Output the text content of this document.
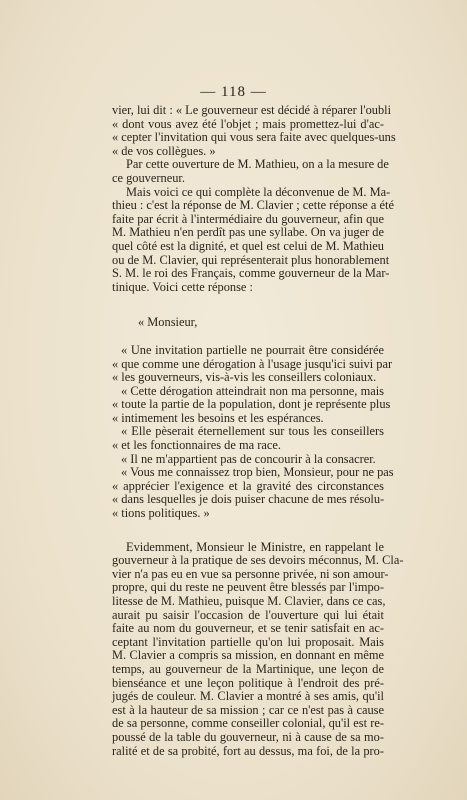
— 118 —
vier, lui dit : « Le gouverneur est décidé à réparer l'oubli
« dont vous avez été l'objet ; mais promettez-lui d'ac-
« cepter l'invitation qui vous sera faite avec quelques-uns
« de vos collègues. »
Par cette ouverture de M. Mathieu, on a la mesure de
ce gouverneur.
Mais voici ce qui complète la déconvenue de M. Ma-
thieu : c'est la réponse de M. Clavier ; cette réponse a été
faite par écrit à l'intermédiaire du gouverneur, afin que
M. Mathieu n'en perdît pas une syllabe. On va juger de
quel côté est la dignité, et quel est celui de M. Mathieu
ou de M. Clavier, qui représenterait plus honorablement
S. M. le roi des Français, comme gouverneur de la Mar-
tinique. Voici cette réponse :
« Monsieur,
« Une invitation partielle ne pourrait être considérée
« que comme une dérogation à l'usage jusqu'ici suivi par
« les gouverneurs, vis-à-vis les conseillers coloniaux.
« Cette dérogation atteindrait non ma personne, mais
« toute la partie de la population, dont je représente plus
« intimement les besoins et les espérances.
« Elle pèserait éternellement sur tous les conseillers
« et les fonctionnaires de ma race.
« Il ne m'appartient pas de concourir à la consacrer.
« Vous me connaissez trop bien, Monsieur, pour ne pas
« apprécier l'exigence et la gravité des circonstances
« dans lesquelles je dois puiser chacune de mes résolu-
« tions politiques. »
Evidemment, Monsieur le Ministre, en rappelant le
gouverneur à la pratique de ses devoirs méconnus, M. Cla-
vier n'a pas eu en vue sa personne privée, ni son amour-
propre, qui du reste ne peuvent être blessés par l'impo-
litesse de M. Mathieu, puisque M. Clavier, dans ce cas,
aurait pu saisir l'occasion de l'ouverture qui lui était
faite au nom du gouverneur, et se tenir satisfait en ac-
ceptant l'invitation partielle qu'on lui proposait. Mais
M. Clavier a compris sa mission, en donnant en même
temps, au gouverneur de la Martinique, une leçon de
bienséance et une leçon politique à l'endroit des pré-
jugés de couleur. M. Clavier a montré à ses amis, qu'il
est à la hauteur de sa mission ; car ce n'est pas à cause
de sa personne, comme conseiller colonial, qu'il est re-
poussé de la table du gouverneur, ni à cause de sa mo-
ralité et de sa probité, fort au dessus, ma foi, de la pro-
